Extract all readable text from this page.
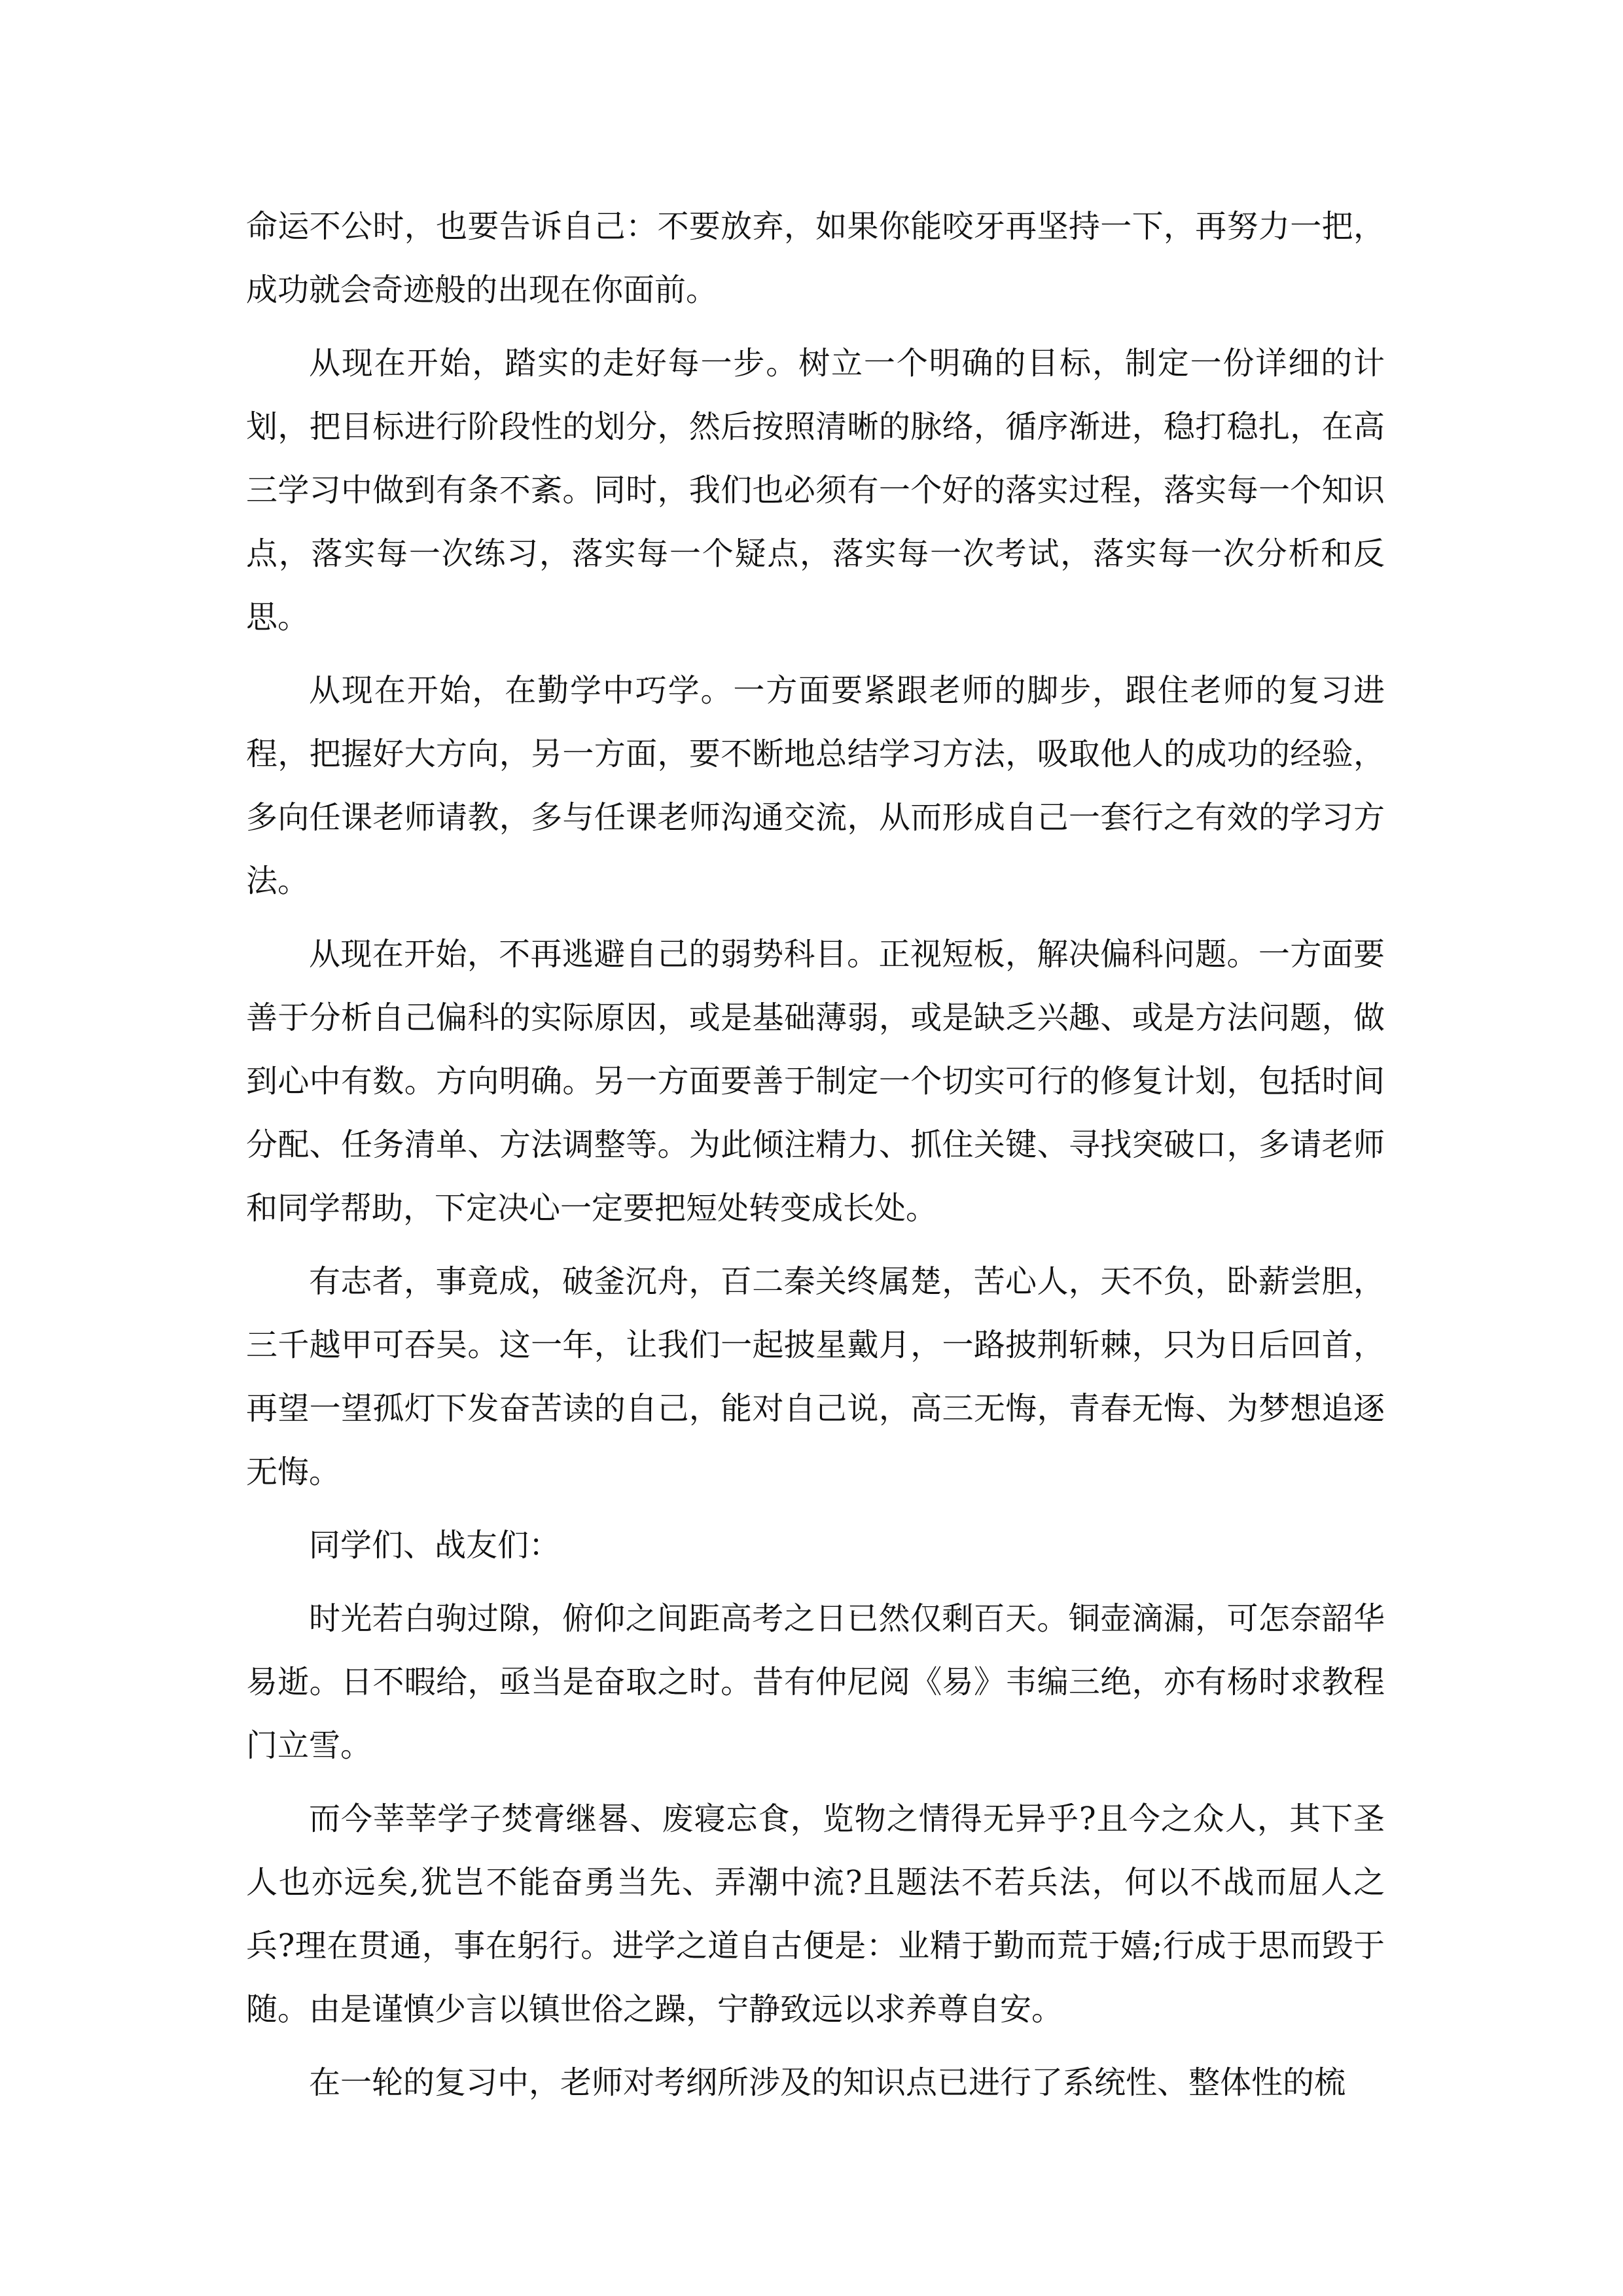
命运不公时，也要告诉自己：不要放弃，如果你能咬牙再坚持一下，再努力一把，成功就会奇迹般的出现在你面前。

从现在开始，踏实的走好每一步。树立一个明确的目标，制定一份详细的计划，把目标进行阶段性的划分，然后按照清晰的脉络，循序渐进，稳打稳扎，在高三学习中做到有条不紊。同时，我们也必须有一个好的落实过程，落实每一个知识点，落实每一次练习，落实每一个疑点，落实每一次考试，落实每一次分析和反思。

从现在开始，在勤学中巧学。一方面要紧跟老师的脚步，跟住老师的复习进程，把握好大方向，另一方面，要不断地总结学习方法，吸取他人的成功的经验，多向任课老师请教，多与任课老师沟通交流，从而形成自己一套行之有效的学习方法。

从现在开始，不再逃避自己的弱势科目。正视短板，解决偏科问题。一方面要善于分析自己偏科的实际原因，或是基础薄弱，或是缺乏兴趣、或是方法问题，做到心中有数。方向明确。另一方面要善于制定一个切实可行的修复计划，包括时间分配、任务清单、方法调整等。为此倾注精力、抓住关键、寻找突破口，多请老师和同学帮助，下定决心一定要把短处转变成长处。

有志者，事竟成，破釜沉舟，百二秦关终属楚，苦心人，天不负，卧薪尝胆，三千越甲可吞吴。这一年，让我们一起披星戴月，一路披荆斩棘，只为日后回首，再望一望孤灯下发奋苦读的自己，能对自己说，高三无悔，青春无悔、为梦想追逐无悔。

同学们、战友们：

时光若白驹过隙，俯仰之间距高考之日已然仅剩百天。铜壶滴漏，可怎奈韶华易逝。日不暇给，亟当是奋取之时。昔有仲尼阅《易》韦编三绝，亦有杨时求教程门立雪。

而今莘莘学子焚膏继晷、废寝忘食，览物之情得无异乎?且今之众人，其下圣人也亦远矣,犹岂不能奋勇当先、弄潮中流?且题法不若兵法，何以不战而屈人之兵?理在贯通，事在躬行。进学之道自古便是：业精于勤而荒于嬉;行成于思而毁于随。由是谨慎少言以镇世俗之躁，宁静致远以求养尊自安。

在一轮的复习中，老师对考纲所涉及的知识点已进行了系统性、整体性的梳
